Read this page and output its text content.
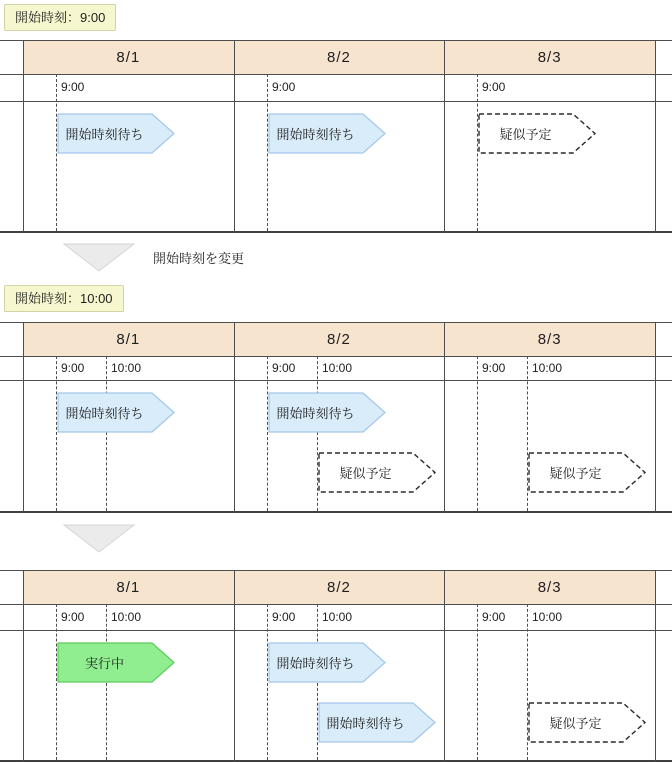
開始時刻：9:00
開始時刻：10:00
開始時刻を変更
8/1
9:00
開始時刻待ち
8/2
9:00
開始時刻待ち
8/3
9:00
疑似予定
8/1
9:00 10:00
開始時刻待ち
8/2
9:00 10:00
開始時刻待ち
疑似予定
8/3
9:00 10:00
疑似予定
8/1
9:00 10:00
実行中
8/2
9:00 10:00
開始時刻待ち
開始時刻待ち
8/3
9:00 10:00
疑似予定
